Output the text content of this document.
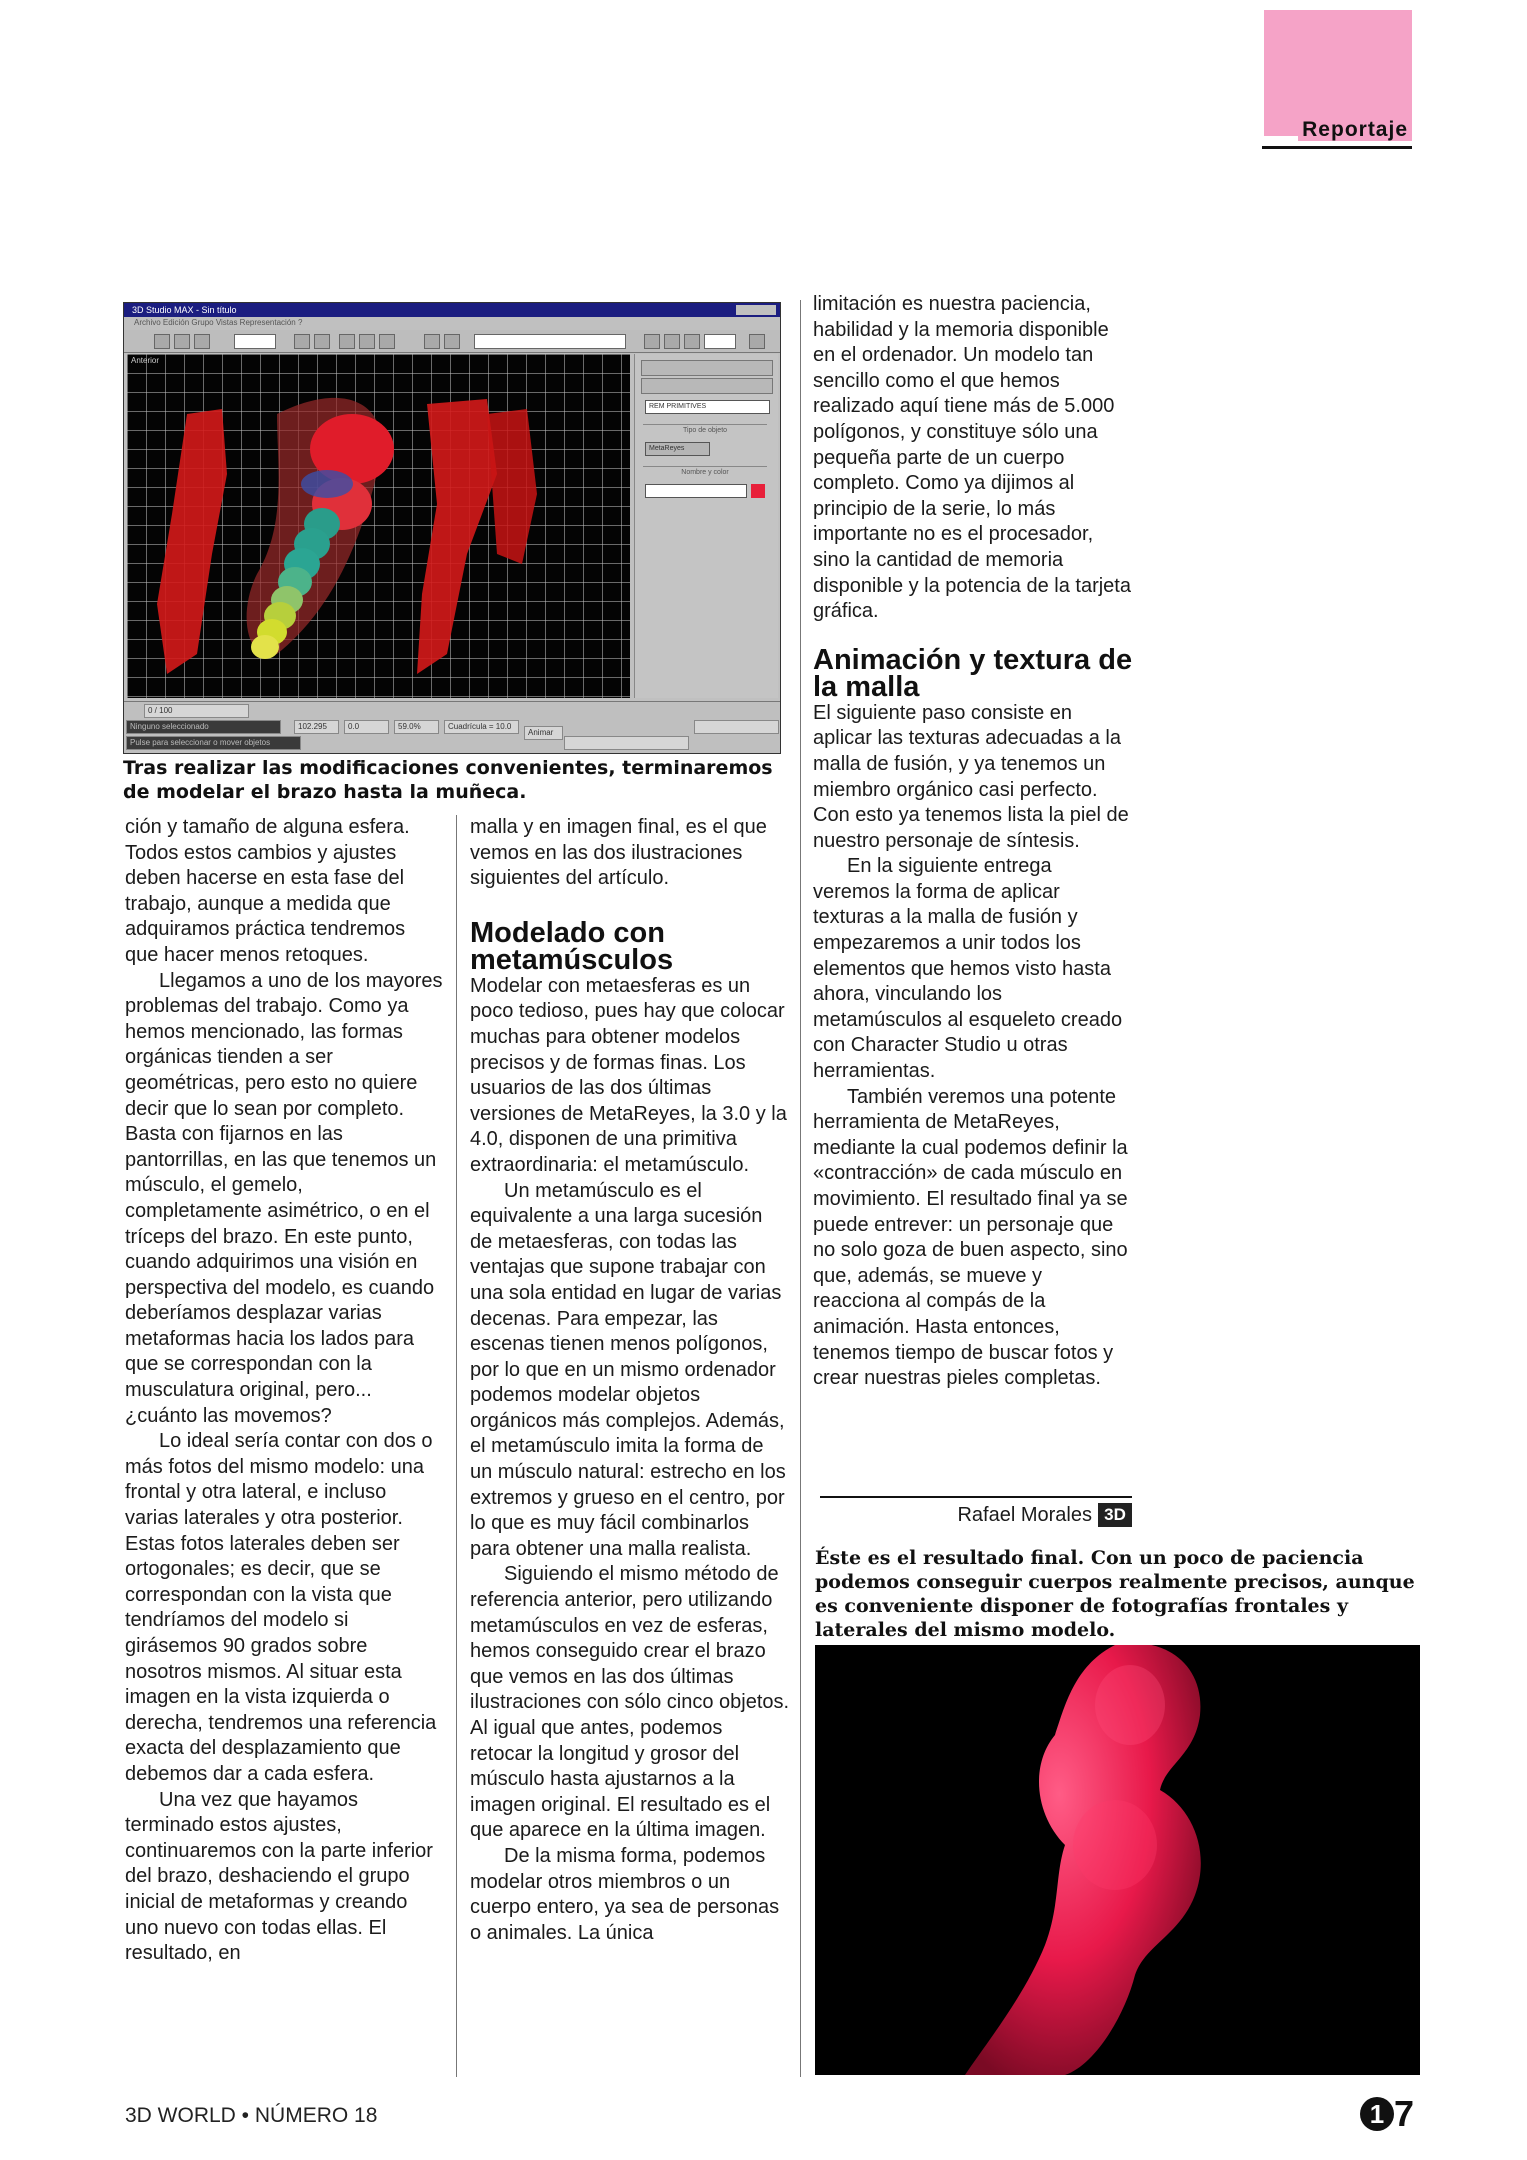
Reportaje
3D Studio MAX - Sin título
Archivo Edición Grupo Vistas Representación ?
Anterior
REM PRIMITIVES
Tipo de objeto
MetaReyes
Nombre y color
0 / 100
Ninguno seleccionado	102.295	0.0	59.0%	Cuadrícula = 10.0
Pulse para seleccionar o mover objetos
Animar
Tras realizar las modificaciones convenientes, terminaremos de modelar el brazo hasta la muñeca.

ción y tamaño de alguna esfera. Todos estos cambios y ajustes deben hacerse en esta fase del trabajo, aunque a medida que adquiramos práctica tendremos que hacer menos retoques.

Llegamos a uno de los mayores problemas del trabajo. Como ya hemos mencionado, las formas orgánicas tienden a ser geométricas, pero esto no quiere decir que lo sean por completo. Basta con fijarnos en las pantorrillas, en las que tenemos un músculo, el gemelo, completamente asimétrico, o en el tríceps del brazo. En este punto, cuando adquirimos una visión en perspectiva del modelo, es cuando deberíamos desplazar varias metaformas hacia los lados para que se correspondan con la musculatura original, pero... ¿cuánto las movemos?

Lo ideal sería contar con dos o más fotos del mismo modelo: una frontal y otra lateral, e incluso varias laterales y otra posterior. Estas fotos laterales deben ser ortogonales; es decir, que se correspondan con la vista que tendríamos del modelo si girásemos 90 grados sobre nosotros mismos. Al situar esta imagen en la vista izquierda o derecha, tendremos una referencia exacta del desplazamiento que debemos dar a cada esfera.

Una vez que hayamos terminado estos ajustes, continuaremos con la parte inferior del brazo, deshaciendo el grupo inicial de metaformas y creando uno nuevo con todas ellas. El resultado, en

malla y en imagen final, es el que vemos en las dos ilustraciones siguientes del artículo.

Modelado con metamúsculos

Modelar con metaesferas es un poco tedioso, pues hay que colocar muchas para obtener modelos precisos y de formas finas. Los usuarios de las dos últimas versiones de MetaReyes, la 3.0 y la 4.0, disponen de una primitiva extraordinaria: el metamúsculo.

Un metamúsculo es el equivalente a una larga sucesión de metaesferas, con todas las ventajas que supone trabajar con una sola entidad en lugar de varias decenas. Para empezar, las escenas tienen menos polígonos, por lo que en un mismo ordenador podemos modelar objetos orgánicos más complejos. Además, el metamúsculo imita la forma de un músculo natural: estrecho en los extremos y grueso en el centro, por lo que es muy fácil combinarlos para obtener una malla realista.

Siguiendo el mismo método de referencia anterior, pero utilizando metamúsculos en vez de esferas, hemos conseguido crear el brazo que vemos en las dos últimas ilustraciones con sólo cinco objetos. Al igual que antes, podemos retocar la longitud y grosor del músculo hasta ajustarnos a la imagen original. El resultado es el que aparece en la última imagen.

De la misma forma, podemos modelar otros miembros o un cuerpo entero, ya sea de personas o animales. La única

limitación es nuestra paciencia, habilidad y la memoria disponible en el ordenador. Un modelo tan sencillo como el que hemos realizado aquí tiene más de 5.000 polígonos, y constituye sólo una pequeña parte de un cuerpo completo. Como ya dijimos al principio de la serie, lo más importante no es el procesador, sino la cantidad de memoria disponible y la potencia de la tarjeta gráfica.

Animación y textura de la malla

El siguiente paso consiste en aplicar las texturas adecuadas a la malla de fusión, y ya tenemos un miembro orgánico casi perfecto. Con esto ya tenemos lista la piel de nuestro personaje de síntesis.

En la siguiente entrega veremos la forma de aplicar texturas a la malla de fusión y empezaremos a unir todos los elementos que hemos visto hasta ahora, vinculando los metamúsculos al esqueleto creado con Character Studio u otras herramientas.

También veremos una potente herramienta de MetaReyes, mediante la cual podemos definir la «contracción» de cada músculo en movimiento. El resultado final ya se puede entrever: un personaje que no solo goza de buen aspecto, sino que, además, se mueve y reacciona al compás de la animación. Hasta entonces, tenemos tiempo de buscar fotos y crear nuestras pieles completas.

Rafael Morales 3D
Éste es el resultado final. Con un poco de paciencia podemos conseguir cuerpos realmente precisos, aunque es conveniente disponer de fotografías frontales y laterales del mismo modelo.
3D WORLD • NÚMERO 18	1 7
